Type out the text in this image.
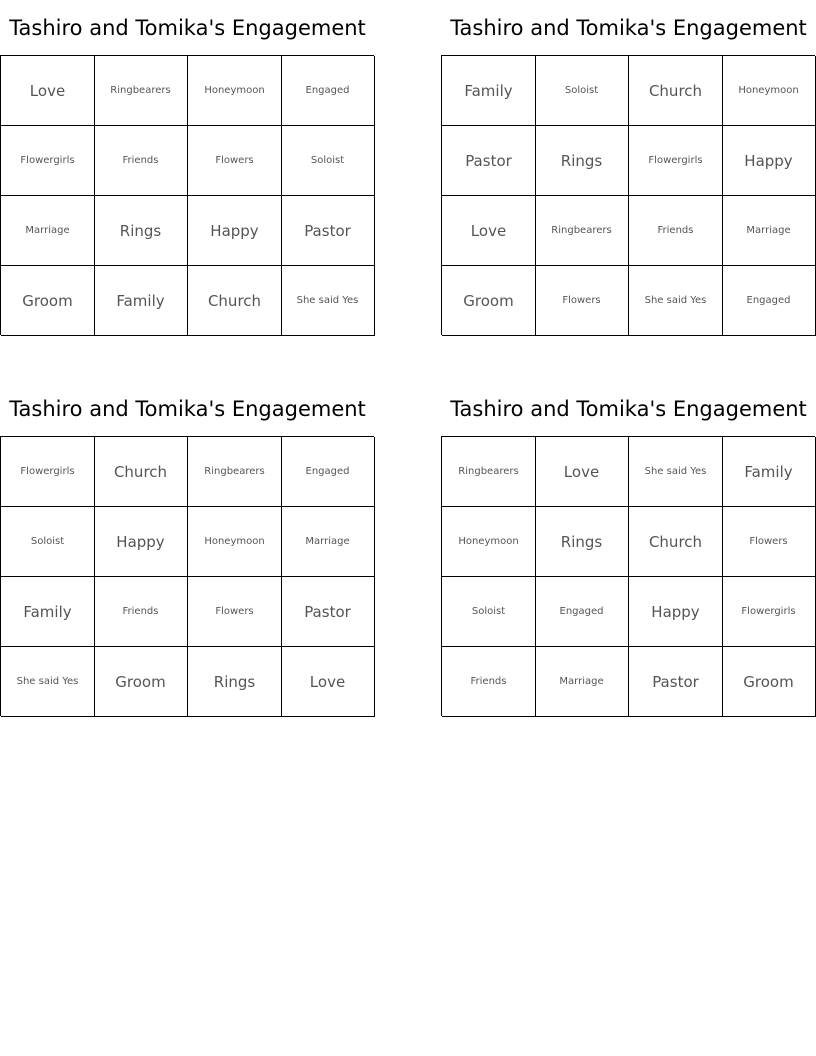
Tashiro and Tomika's Engagement
Love	Ringbearers	Honeymoon	Engaged
Flowergirls	Friends	Flowers	Soloist
Marriage	Rings	Happy	Pastor
Groom	Family	Church	She said Yes
Tashiro and Tomika's Engagement
Family	Soloist	Church	Honeymoon
Pastor	Rings	Flowergirls	Happy
Love	Ringbearers	Friends	Marriage
Groom	Flowers	She said Yes	Engaged
Tashiro and Tomika's Engagement
Flowergirls	Church	Ringbearers	Engaged
Soloist	Happy	Honeymoon	Marriage
Family	Friends	Flowers	Pastor
She said Yes	Groom	Rings	Love
Tashiro and Tomika's Engagement
Ringbearers	Love	She said Yes	Family
Honeymoon	Rings	Church	Flowers
Soloist	Engaged	Happy	Flowergirls
Friends	Marriage	Pastor	Groom
